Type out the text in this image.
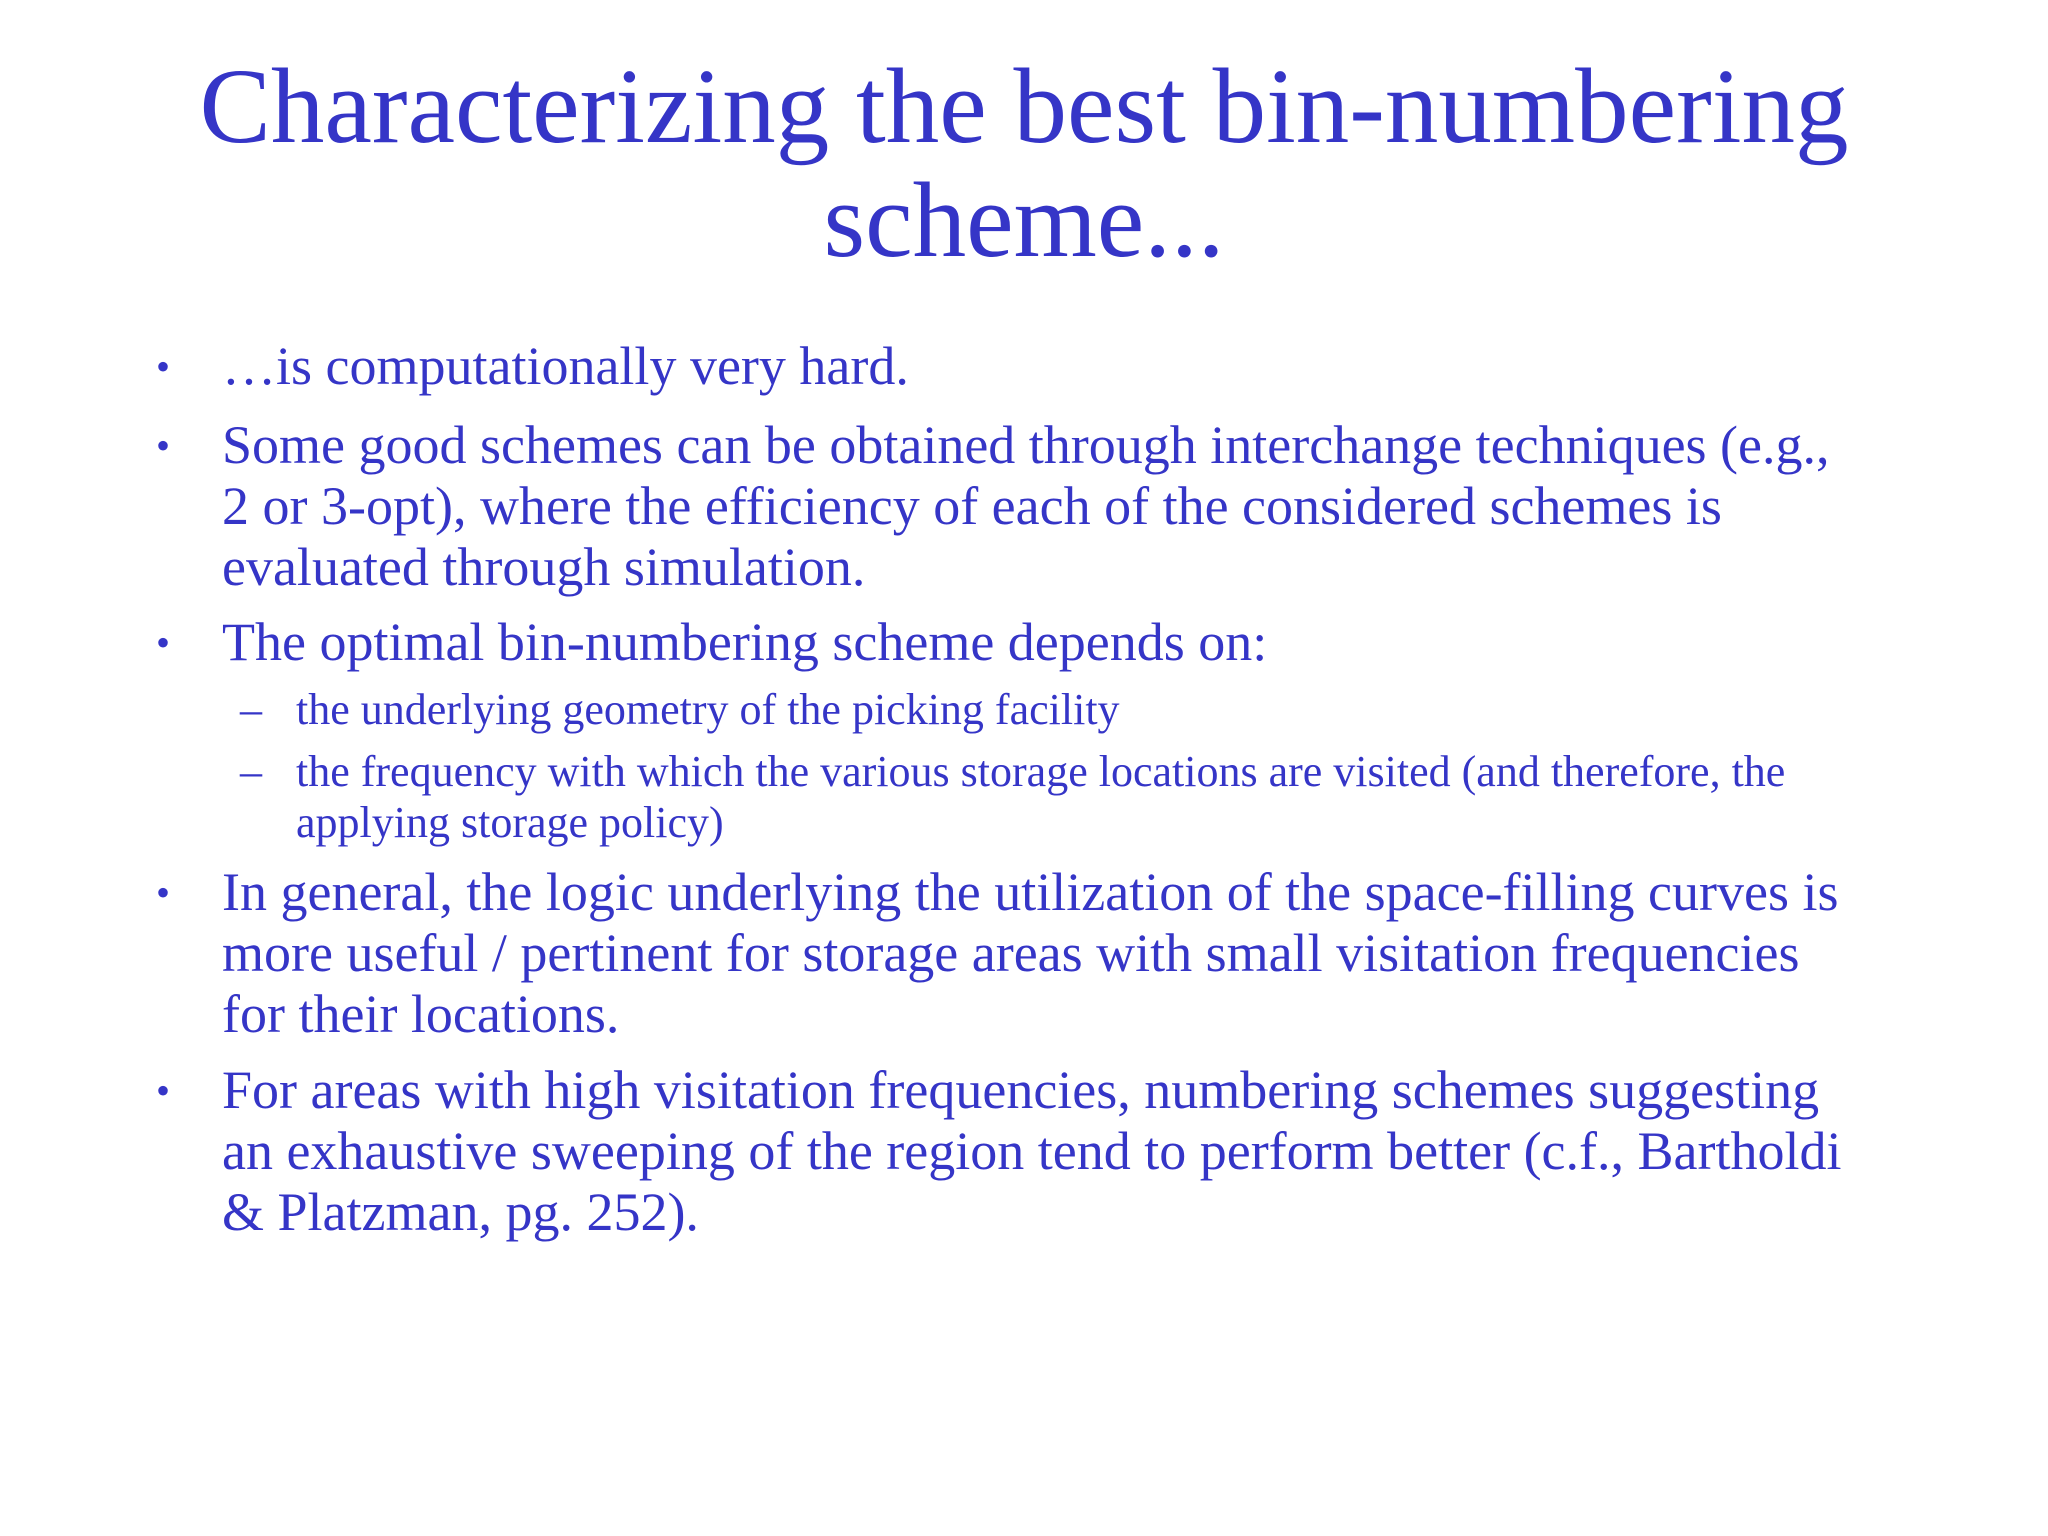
Characterizing the best bin-numbering
scheme...
• …is computationally very hard.
• Some good schemes can be obtained through interchange techniques (e.g.,
2 or 3-opt), where the efficiency of each of the considered schemes is
evaluated through simulation.
• The optimal bin-numbering scheme depends on:
– the underlying geometry of the picking facility
– the frequency with which the various storage locations are visited (and therefore, the
applying storage policy)
• In general, the logic underlying the utilization of the space-filling curves is
more useful / pertinent for storage areas with small visitation frequencies
for their locations.
• For areas with high visitation frequencies, numbering schemes suggesting
an exhaustive sweeping of the region tend to perform better (c.f., Bartholdi
& Platzman, pg. 252).
